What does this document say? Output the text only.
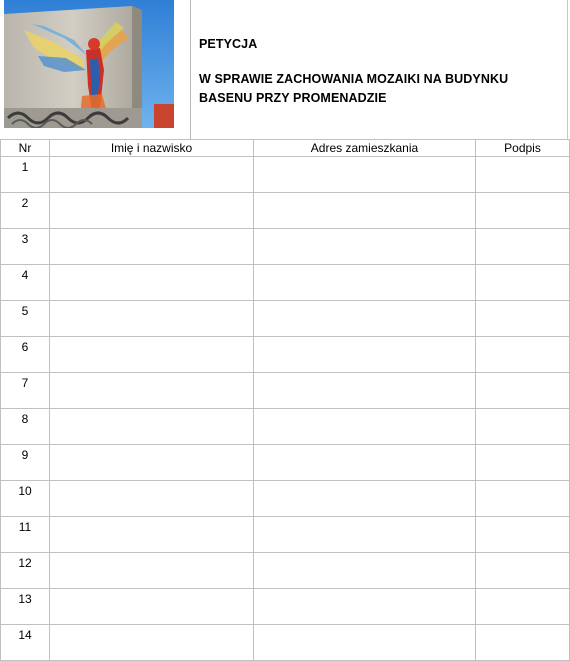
PETYCJA
W SPRAWIE ZACHOWANIA MOZAIKI NA BUDYNKU
BASENU PRZY PROMENADZIE
Nr	Imię i nazwisko	Adres zamieszkania	Podpis
1			
2			
3			
4			
5			
6			
7			
8			
9			
10			
11			
12			
13			
14			
